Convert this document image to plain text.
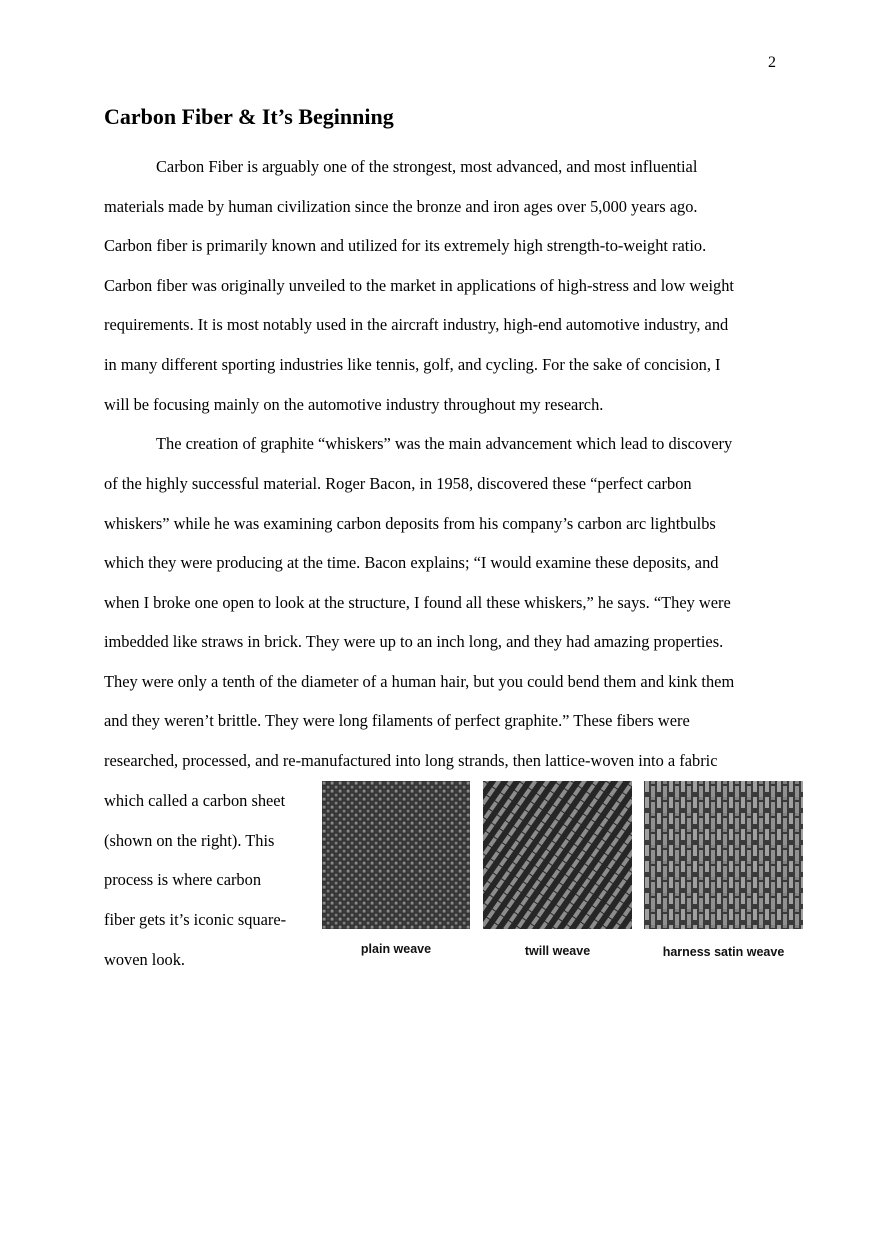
2
Carbon Fiber & It’s Beginning
Carbon Fiber is arguably one of the strongest, most advanced, and most influential
materials made by human civilization since the bronze and iron ages over 5,000 years ago.
Carbon fiber is primarily known and utilized for its extremely high strength-to-weight ratio.
Carbon fiber was originally unveiled to the market in applications of high-stress and low weight
requirements. It is most notably used in the aircraft industry, high-end automotive industry, and
in many different sporting industries like tennis, golf, and cycling. For the sake of concision, I
will be focusing mainly on the automotive industry throughout my research.
The creation of graphite “whiskers” was the main advancement which lead to discovery
of the highly successful material. Roger Bacon, in 1958, discovered these “perfect carbon
whiskers” while he was examining carbon deposits from his company’s carbon arc lightbulbs
which they were producing at the time. Bacon explains; “I would examine these deposits, and
when I broke one open to look at the structure, I found all these whiskers,” he says. “They were
imbedded like straws in brick. They were up to an inch long, and they had amazing properties.
They were only a tenth of the diameter of a human hair, but you could bend them and kink them
and they weren’t brittle. They were long filaments of perfect graphite.” These fibers were
researched, processed, and re-manufactured into long strands, then lattice-woven into a fabric
which called a carbon sheet
(shown on the right). This
process is where carbon
fiber gets it’s iconic square-
woven look.
plain weave	twill weave	harness satin weave
